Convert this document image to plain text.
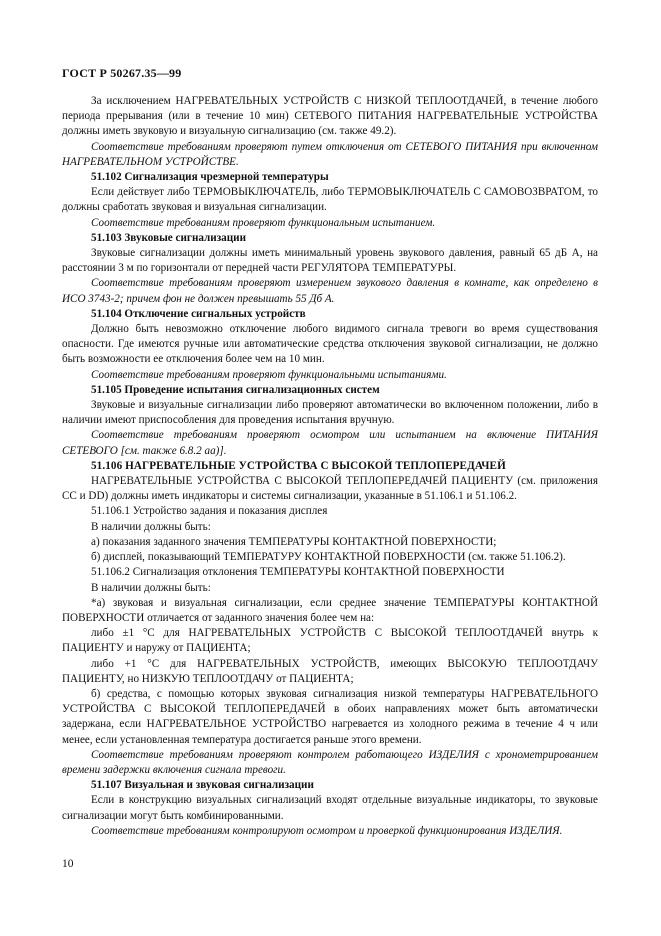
ГОСТ Р 50267.35—99

За исключением НАГРЕВАТЕЛЬНЫХ УСТРОЙСТВ С НИЗКОЙ ТЕПЛООТДАЧЕЙ, в течение любого периода прерывания (или в течение 10 мин) СЕТЕВОГО ПИТАНИЯ НАГРЕВАТЕЛЬНЫЕ УСТРОЙСТВА должны иметь звуковую и визуальную сигнализацию (см. также 49.2).

Соответствие требованиям проверяют путем отключения от СЕТЕВОГО ПИТАНИЯ при включенном НАГРЕВАТЕЛЬНОМ УСТРОЙСТВЕ.

51.102 Сигнализация чрезмерной температуры

Если действует либо ТЕРМОВЫКЛЮЧАТЕЛЬ, либо ТЕРМОВЫКЛЮЧАТЕЛЬ С САМОВОЗВРАТОМ, то должны сработать звуковая и визуальная сигнализации.

Соответствие требованиям проверяют функциональным испытанием.

51.103 Звуковые сигнализации

Звуковые сигнализации должны иметь минимальный уровень звукового давления, равный 65 дБ А, на расстоянии 3 м по горизонтали от передней части РЕГУЛЯТОРА ТЕМПЕРАТУРЫ.

Соответствие требованиям проверяют измерением звукового давления в комнате, как определено в ИСО 3743-2; причем фон не должен превышать 55 Дб А.

51.104 Отключение сигнальных устройств

Должно быть невозможно отключение любого видимого сигнала тревоги во время существования опасности. Где имеются ручные или автоматические средства отключения звуковой сигнализации, не должно быть возможности ее отключения более чем на 10 мин.

Соответствие требованиям проверяют функциональными испытаниями.

51.105 Проведение испытания сигнализационных систем

Звуковые и визуальные сигнализации либо проверяют автоматически во включенном положении, либо в наличии имеют приспособления для проведения испытания вручную.

Соответствие требованиям проверяют осмотром или испытанием на включение ПИТАНИЯ СЕТЕВОГО [см. также 6.8.2 аа)].

51.106 НАГРЕВАТЕЛЬНЫЕ УСТРОЙСТВА С ВЫСОКОЙ ТЕПЛОПЕРЕДАЧЕЙ

НАГРЕВАТЕЛЬНЫЕ УСТРОЙСТВА С ВЫСОКОЙ ТЕПЛОПЕРЕДАЧЕЙ ПАЦИЕНТУ (см. приложения СС и DD) должны иметь индикаторы и системы сигнализации, указанные в 51.106.1 и 51.106.2.

51.106.1 Устройство задания и показания дисплея

В наличии должны быть:

а) показания заданного значения ТЕМПЕРАТУРЫ КОНТАКТНОЙ ПОВЕРХНОСТИ;

б) дисплей, показывающий ТЕМПЕРАТУРУ КОНТАКТНОЙ ПОВЕРХНОСТИ (см. также 51.106.2).

51.106.2 Сигнализация отклонения ТЕМПЕРАТУРЫ КОНТАКТНОЙ ПОВЕРХНОСТИ

В наличии должны быть:

*а) звуковая и визуальная сигнализации, если среднее значение ТЕМПЕРАТУРЫ КОНТАКТНОЙ ПОВЕРХНОСТИ отличается от заданного значения более чем на:

либо ±1 °С для НАГРЕВАТЕЛЬНЫХ УСТРОЙСТВ С ВЫСОКОЙ ТЕПЛООТДАЧЕЙ внутрь к ПАЦИЕНТУ и наружу от ПАЦИЕНТА;

либо +1 °С для НАГРЕВАТЕЛЬНЫХ УСТРОЙСТВ, имеющих ВЫСОКУЮ ТЕПЛООТДАЧУ ПАЦИЕНТУ, но НИЗКУЮ ТЕПЛООТДАЧУ от ПАЦИЕНТА;

б) средства, с помощью которых звуковая сигнализация низкой температуры НАГРЕВАТЕЛЬНОГО УСТРОЙСТВА С ВЫСОКОЙ ТЕПЛОПЕРЕДАЧЕЙ в обоих направлениях может быть автоматически задержана, если НАГРЕВАТЕЛЬНОЕ УСТРОЙСТВО нагревается из холодного режима в течение 4 ч или менее, если установленная температура достигается раньше этого времени.

Соответствие требованиям проверяют контролем работающего ИЗДЕЛИЯ с хронометрированием времени задержки включения сигнала тревоги.

51.107 Визуальная и звуковая сигнализации

Если в конструкцию визуальных сигнализаций входят отдельные визуальные индикаторы, то звуковые сигнализации могут быть комбинированными.

Соответствие требованиям контролируют осмотром и проверкой функционирования ИЗДЕЛИЯ.

10
